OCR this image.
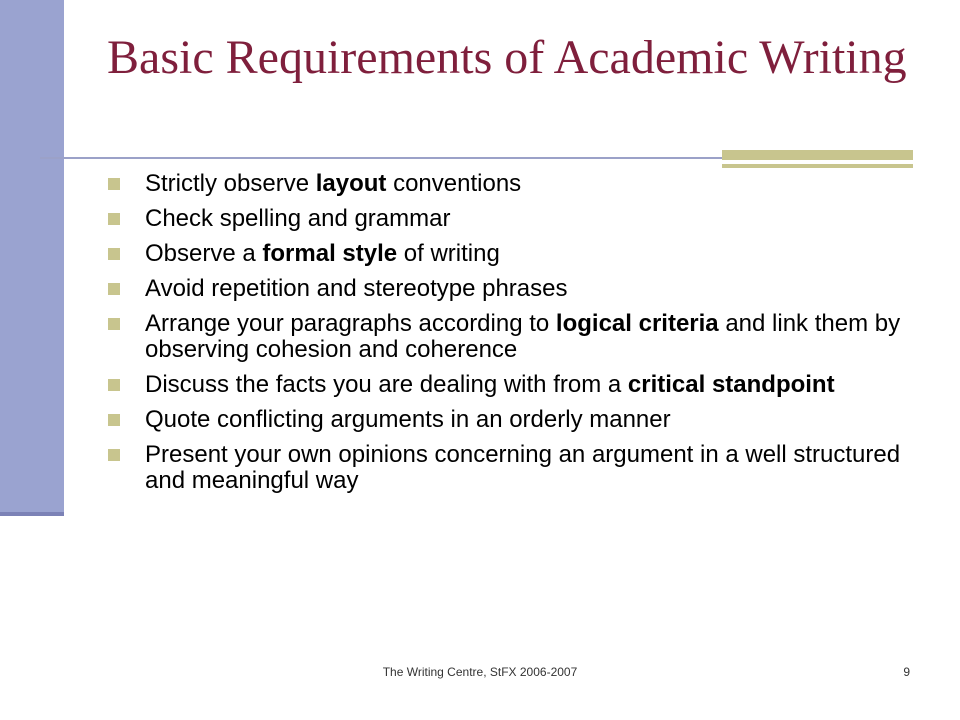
Basic Requirements of Academic Writing
Strictly observe layout conventions
Check spelling and grammar
Observe a formal style of writing
Avoid repetition and stereotype phrases
Arrange your paragraphs according to logical criteria and link them by observing cohesion and coherence
Discuss the facts you are dealing with from a critical standpoint
Quote conflicting arguments in an orderly manner
Present your own opinions concerning an argument in a well structured and meaningful way
The Writing Centre, StFX 2006-2007	9
